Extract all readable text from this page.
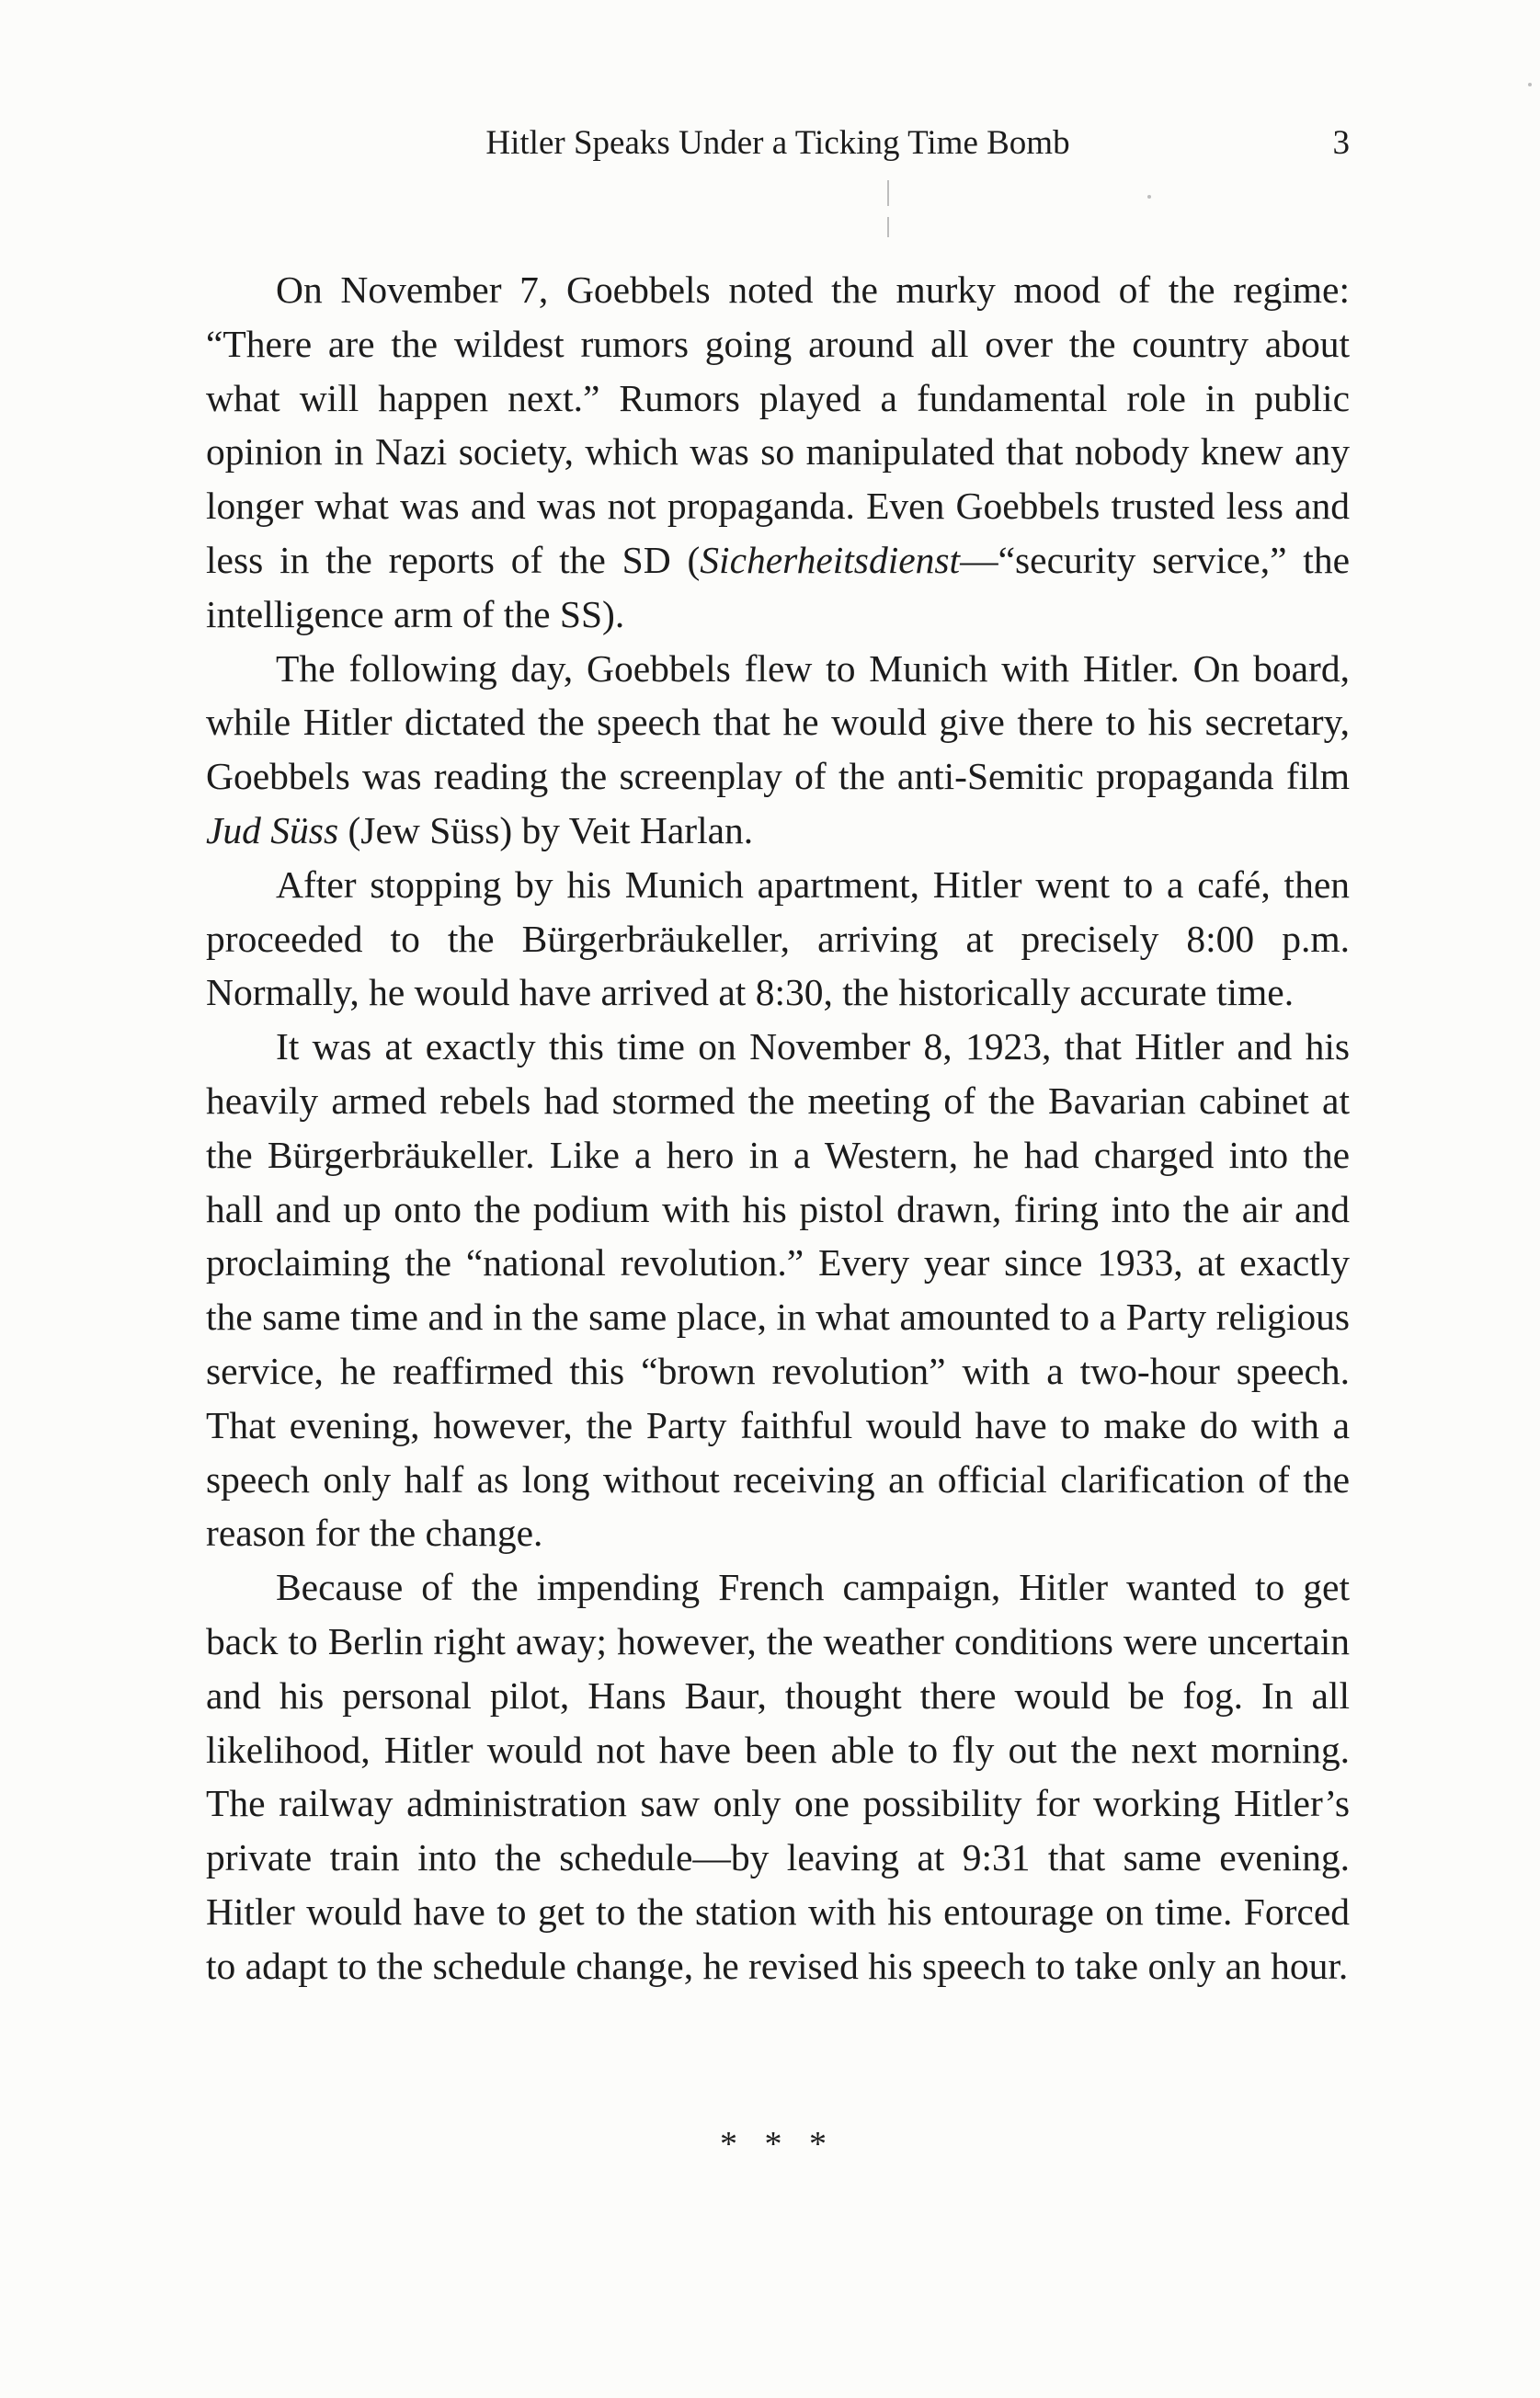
Hitler Speaks Under a Ticking Time Bomb	3

On November 7, Goebbels noted the murky mood of the regime: “There are the wildest rumors going around all over the country about what will happen next.” Rumors played a fundamental role in public opinion in Nazi society, which was so manipulated that nobody knew any longer what was and was not propaganda. Even Goebbels trusted less and less in the reports of the SD (Sicherheitsdienst—“security service,” the intelligence arm of the SS).

The following day, Goebbels flew to Munich with Hitler. On board, while Hitler dictated the speech that he would give there to his secretary, Goebbels was reading the screenplay of the anti-Semitic propaganda film Jud Süss (Jew Süss) by Veit Harlan.

After stopping by his Munich apartment, Hitler went to a café, then proceeded to the Bürgerbräukeller, arriving at precisely 8:00 p.m. Normally, he would have arrived at 8:30, the historically accurate time.

It was at exactly this time on November 8, 1923, that Hitler and his heavily armed rebels had stormed the meeting of the Bavarian cabinet at the Bürgerbräukeller. Like a hero in a Western, he had charged into the hall and up onto the podium with his pistol drawn, firing into the air and proclaiming the “national revolution.” Every year since 1933, at exactly the same time and in the same place, in what amounted to a Party religious service, he reaffirmed this “brown revolution” with a two-hour speech. That evening, however, the Party faithful would have to make do with a speech only half as long without receiving an official clarification of the reason for the change.

Because of the impending French campaign, Hitler wanted to get back to Berlin right away; however, the weather conditions were uncertain and his personal pilot, Hans Baur, thought there would be fog. In all likelihood, Hitler would not have been able to fly out the next morning. The railway administration saw only one possibility for working Hitler’s private train into the schedule—by leaving at 9:31 that same evening. Hitler would have to get to the station with his entourage on time. Forced to adapt to the schedule change, he revised his speech to take only an hour.

* * *
